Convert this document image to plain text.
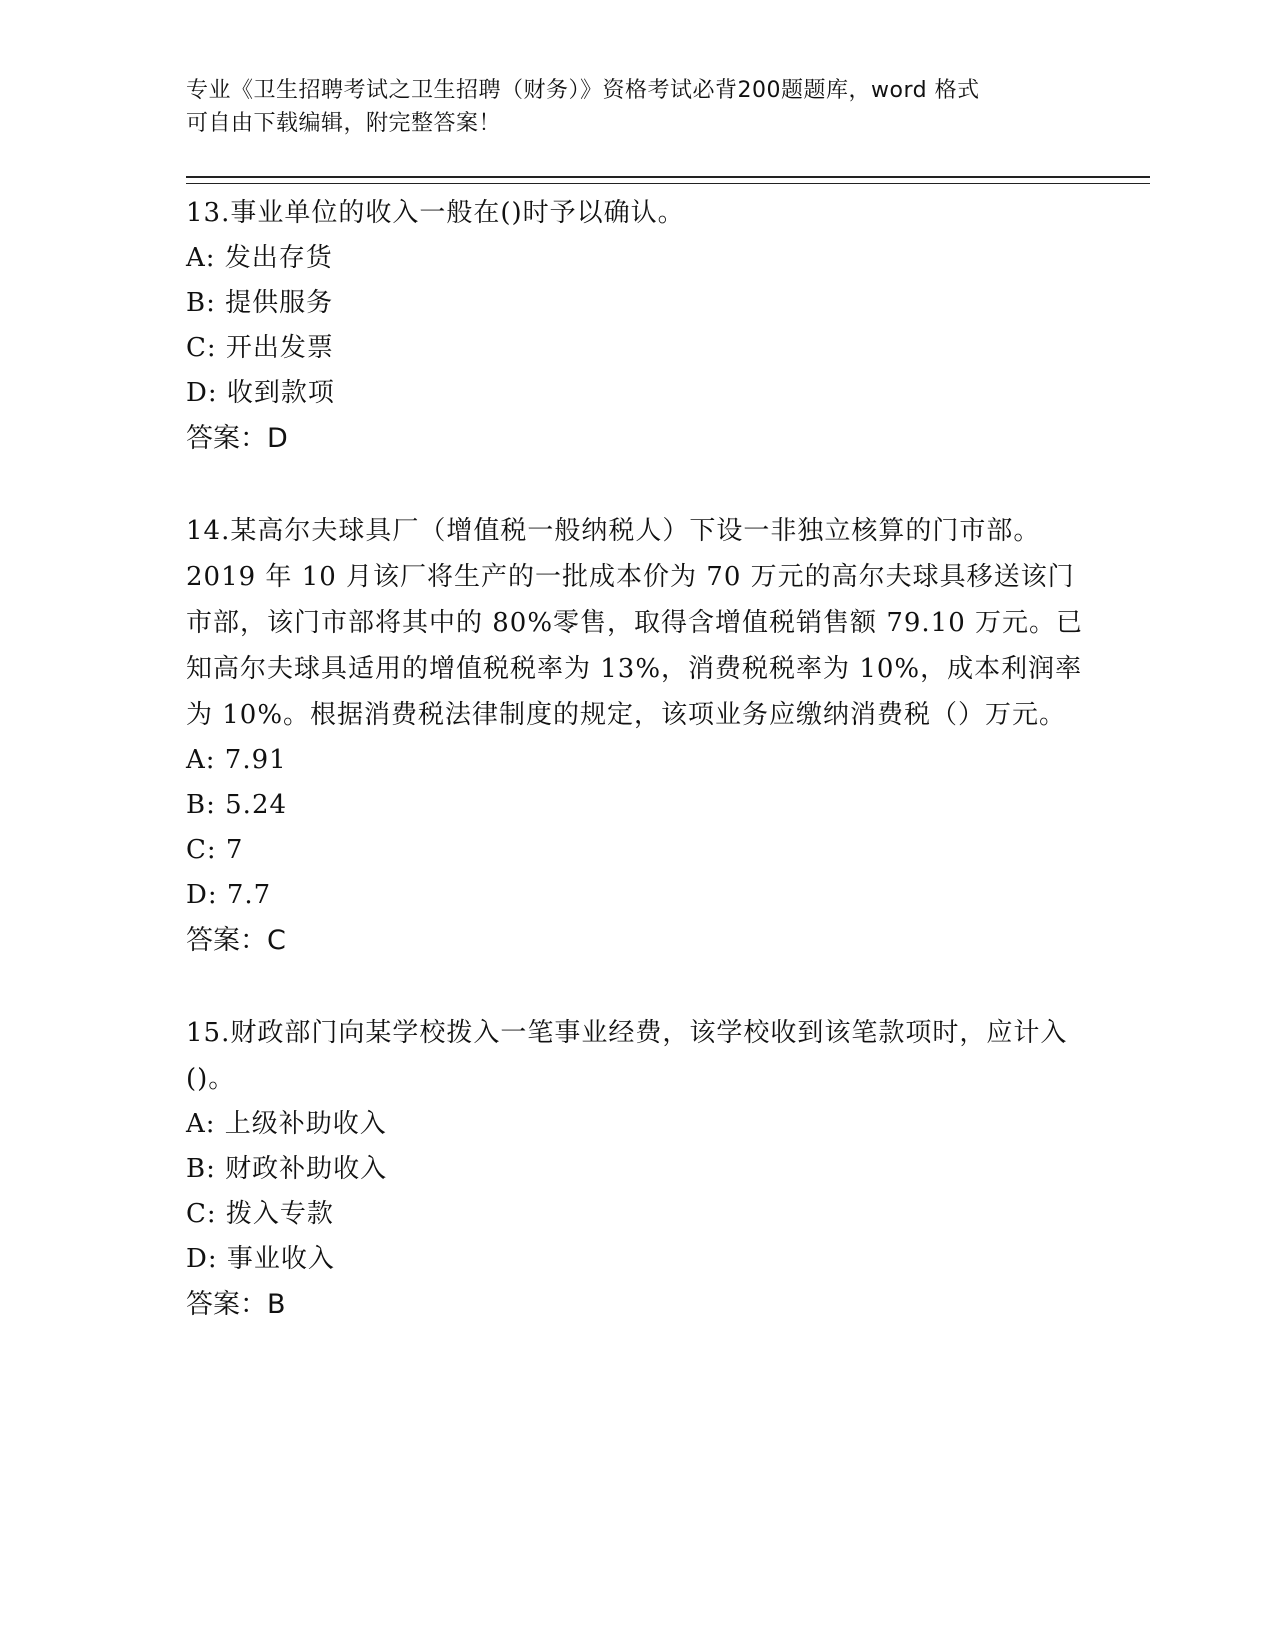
专业《卫生招聘考试之卫生招聘（财务）》资格考试必背200题题库，word 格式
可自由下载编辑，附完整答案！

13.事业单位的收入一般在()时予以确认。

A: 发出存货

B: 提供服务

C: 开出发票

D: 收到款项

答案：D

14.某高尔夫球具厂（增值税一般纳税人）下设一非独立核算的门市部。2019 年 10 月该厂将生产的一批成本价为 70 万元的高尔夫球具移送该门市部，该门市部将其中的 80%零售，取得含增值税销售额 79.10 万元。已知高尔夫球具适用的增值税税率为 13%，消费税税率为 10%，成本利润率为 10%。根据消费税法律制度的规定，该项业务应缴纳消费税（）万元。

A: 7.91

B: 5.24

C: 7

D: 7.7

答案：C

15.财政部门向某学校拨入一笔事业经费，该学校收到该笔款项时，应计入()。

A: 上级补助收入

B: 财政补助收入

C: 拨入专款

D: 事业收入

答案：B
